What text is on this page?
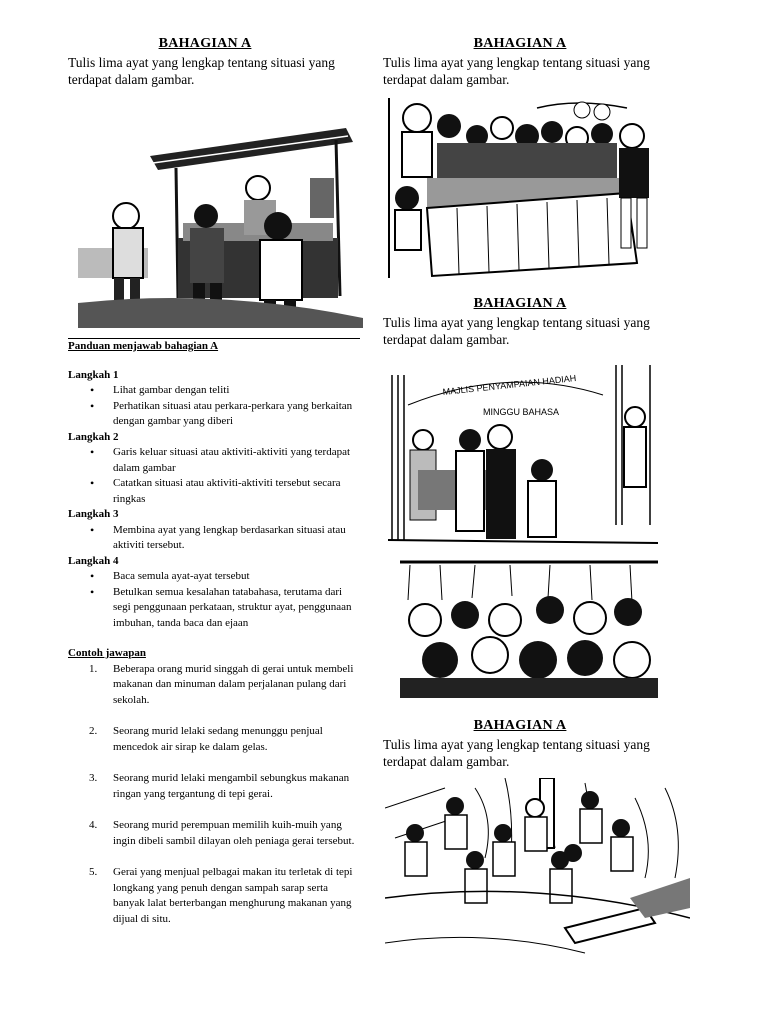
BAHAGIAN A
Tulis lima ayat yang lengkap tentang situasi yang terdapat dalam gambar.
Panduan menjawab bahagian A
Langkah 1
• Lihat gambar dengan teliti
• Perhatikan situasi atau perkara-perkara yang berkaitan dengan gambar yang diberi
Langkah 2
• Garis keluar situasi atau aktiviti-aktiviti yang terdapat dalam gambar
• Catatkan situasi atau aktiviti-aktiviti tersebut secara ringkas
Langkah 3
• Membina ayat yang lengkap berdasarkan situasi atau aktiviti tersebut.
Langkah 4
• Baca semula ayat-ayat tersebut
• Betulkan semua kesalahan tatabahasa, terutama dari segi penggunaan perkataan, struktur ayat, penggunaan imbuhan, tanda baca dan ejaan
Contoh jawapan
1. Beberapa orang murid singgah di gerai untuk membeli makanan dan minuman dalam perjalanan pulang dari sekolah.
2. Seorang murid lelaki sedang menunggu penjual mencedok air sirap ke dalam gelas.
3. Seorang murid lelaki mengambil sebungkus makanan ringan yang tergantung di tepi gerai.
4. Seorang murid perempuan memilih kuih-muih yang ingin dibeli sambil dilayan oleh peniaga gerai tersebut.
5. Gerai yang menjual pelbagai makan itu terletak di tepi longkang yang penuh dengan sampah sarap serta banyak lalat berterbangan menghurung makanan yang dijual di situ.
BAHAGIAN A
Tulis lima ayat yang lengkap tentang situasi yang terdapat dalam gambar.
BAHAGIAN A
Tulis lima ayat yang lengkap tentang situasi yang terdapat dalam gambar.
MAJLIS PENYAMPAIAN HADIAH
MINGGU BAHASA
BAHAGIAN A
Tulis lima ayat yang lengkap tentang situasi yang terdapat dalam gambar.
